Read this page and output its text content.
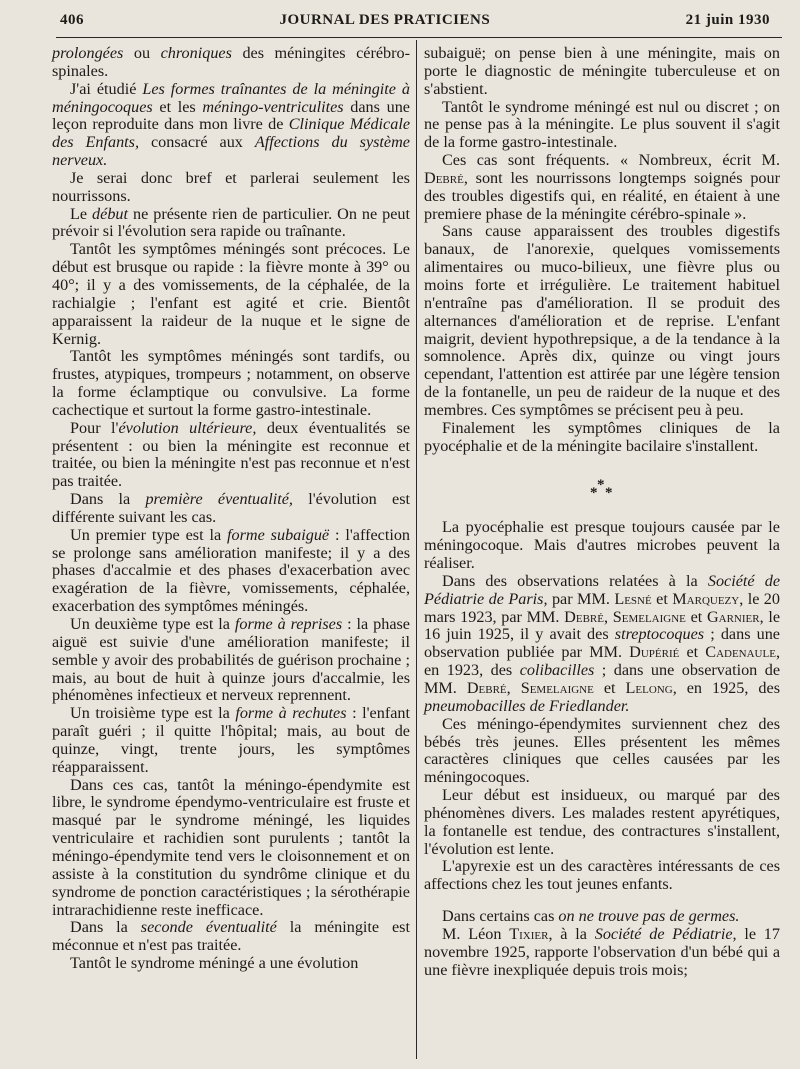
406	JOURNAL DES PRATICIENS	21 juin 1930

prolongées ou chroniques des méningites cérébro-spinales.

J'ai étudié Les formes traînantes de la méningite à méningocoques et les méningo-ventriculites dans une leçon reproduite dans mon livre de Clinique Médicale des Enfants, consacré aux Affections du système nerveux.

Je serai donc bref et parlerai seulement les nourrissons.

Le début ne présente rien de particulier. On ne peut prévoir si l'évolution sera rapide ou traînante.

Tantôt les symptômes méningés sont précoces. Le début est brusque ou rapide : la fièvre monte à 39° ou 40°; il y a des vomissements, de la céphalée, de la rachialgie ; l'enfant est agité et crie. Bientôt apparaissent la raideur de la nuque et le signe de Kernig.

Tantôt les symptômes méningés sont tardifs, ou frustes, atypiques, trompeurs ; notamment, on observe la forme éclamptique ou convulsive. La forme cachectique et surtout la forme gastro-intestinale.

Pour l'évolution ultérieure, deux éventualités se présentent : ou bien la méningite est reconnue et traitée, ou bien la méningite n'est pas reconnue et n'est pas traitée.

Dans la première éventualité, l'évolution est différente suivant les cas.

Un premier type est la forme subaiguë : l'affection se prolonge sans amélioration manifeste; il y a des phases d'accalmie et des phases d'exacerbation avec exagération de la fièvre, vomissements, céphalée, exacerbation des symptômes méningés.

Un deuxième type est la forme à reprises : la phase aiguë est suivie d'une amélioration manifeste; il semble y avoir des probabilités de guérison prochaine ; mais, au bout de huit à quinze jours d'accalmie, les phénomènes infectieux et nerveux reprennent.

Un troisième type est la forme à rechutes : l'enfant paraît guéri ; il quitte l'hôpital; mais, au bout de quinze, vingt, trente jours, les symptômes réapparaissent.

Dans ces cas, tantôt la méningo-épendymite est libre, le syndrome épendymo-ventriculaire est fruste et masqué par le syndrome méningé, les liquides ventriculaire et rachidien sont purulents ; tantôt la méningo-épendymite tend vers le cloisonnement et on assiste à la constitution du syndrôme clinique et du syndrome de ponction caractéristiques ; la sérothérapie intrarachidienne reste inefficace.

Dans la seconde éventualité la méningite est méconnue et n'est pas traitée.

Tantôt le syndrome méningé a une évolution

subaiguë; on pense bien à une méningite, mais on porte le diagnostic de méningite tuberculeuse et on s'abstient.

Tantôt le syndrome méningé est nul ou discret ; on ne pense pas à la méningite. Le plus souvent il s'agit de la forme gastro-intestinale.

Ces cas sont fréquents. « Nombreux, écrit M. Debré, sont les nourrissons longtemps soignés pour des troubles digestifs qui, en réalité, en étaient à une premiere phase de la méningite cérébro-spinale ».

Sans cause apparaissent des troubles digestifs banaux, de l'anorexie, quelques vomissements alimentaires ou muco-bilieux, une fièvre plus ou moins forte et irrégulière. Le traitement habituel n'entraîne pas d'amélioration. Il se produit des alternances d'amélioration et de reprise. L'enfant maigrit, devient hypothrepsique, a de la tendance à la somnolence. Après dix, quinze ou vingt jours cependant, l'attention est attirée par une légère tension de la fontanelle, un peu de raideur de la nuque et des membres. Ces symptômes se précisent peu à peu.

Finalement les symptômes cliniques de la pyocéphalie et de la méningite bacilaire s'installent.

*
* *

La pyocéphalie est presque toujours causée par le méningocoque. Mais d'autres microbes peuvent la réaliser.

Dans des observations relatées à la Société de Pédiatrie de Paris, par MM. Lesné et Marquezy, le 20 mars 1923, par MM. Debré, Semelaigne et Garnier, le 16 juin 1925, il y avait des streptocoques ; dans une observation publiée par MM. Dupérié et Cadenaule, en 1923, des colibacilles ; dans une observation de MM. Debré, Semelaigne et Lelong, en 1925, des pneumobacilles de Friedlander.

Ces méningo-épendymites surviennent chez des bébés très jeunes. Elles présentent les mêmes caractères cliniques que celles causées par les méningocoques.

Leur début est insidueux, ou marqué par des phénomènes divers. Les malades restent apyrétiques, la fontanelle est tendue, des contractures s'installent, l'évolution est lente.

L'apyrexie est un des caractères intéressants de ces affections chez les tout jeunes enfants.

Dans certains cas on ne trouve pas de germes.

M. Léon Tixier, à la Société de Pédiatrie, le 17 novembre 1925, rapporte l'observation d'un bébé qui a une fièvre inexpliquée depuis trois mois;
